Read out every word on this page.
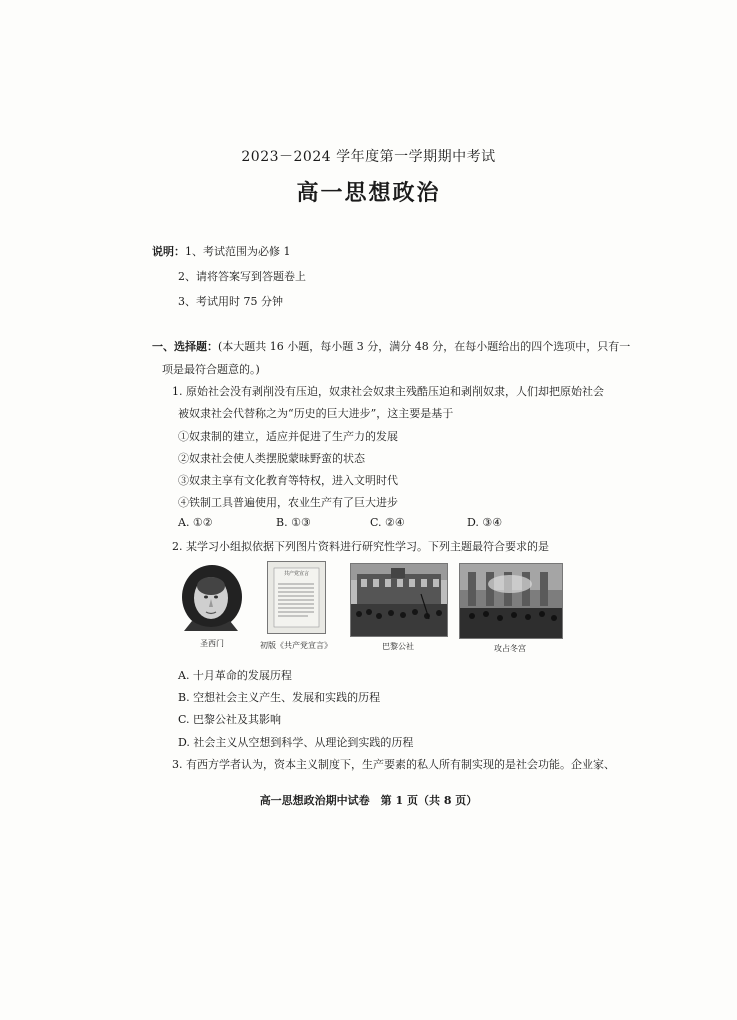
2023－2024 学年度第一学期期中考试
高一思想政治
说明：1、考试范围为必修 1
2、请将答案写到答题卷上
3、考试用时 75 分钟
一、选择题：(本大题共 16 小题，每小题 3 分，满分 48 分，在每小题给出的四个选项中，只有一
项是最符合题意的。)
1. 原始社会没有剥削没有压迫，奴隶社会奴隶主残酷压迫和剥削奴隶，人们却把原始社会
被奴隶社会代替称之为“历史的巨大进步”，这主要是基于
①奴隶制的建立，适应并促进了生产力的发展
②奴隶社会使人类摆脱蒙昧野蛮的状态
③奴隶主享有文化教育等特权，进入文明时代
④铁制工具普遍使用，农业生产有了巨大进步
A. ①②	B. ①③	C. ②④	D. ③④
2. 某学习小组拟依据下列图片资料进行研究性学习。下列主题最符合要求的是
圣西门
共产党宣言
初版《共产党宣言》	巴黎公社	攻占冬宫
A. 十月革命的发展历程
B. 空想社会主义产生、发展和实践的历程
C. 巴黎公社及其影响
D. 社会主义从空想到科学、从理论到实践的历程
3. 有西方学者认为，资本主义制度下，生产要素的私人所有制实现的是社会功能。企业家、
高一思想政治期中试卷　第 1 页（共 8 页）
